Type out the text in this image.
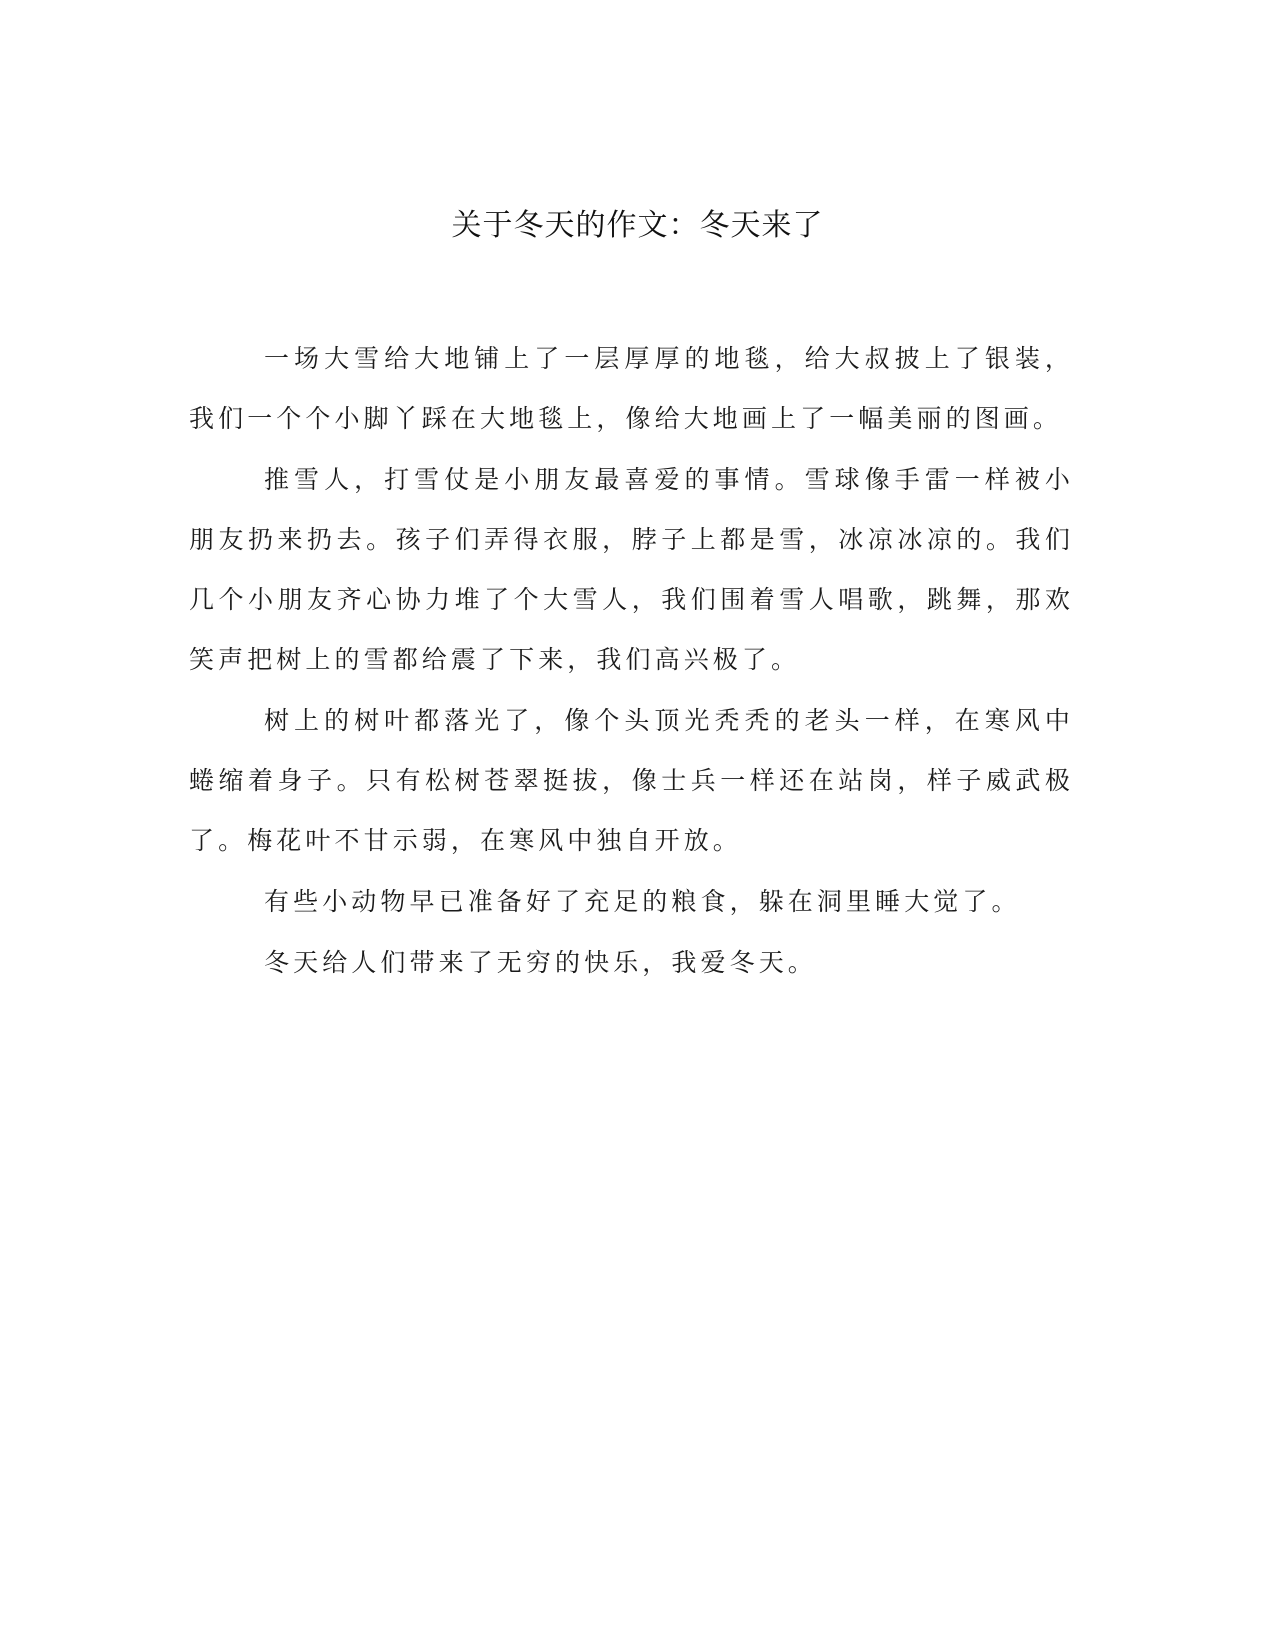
关于冬天的作文：冬天来了

一场大雪给大地铺上了一层厚厚的地毯，给大叔披上了银装，我们一个个小脚丫踩在大地毯上，像给大地画上了一幅美丽的图画。

推雪人，打雪仗是小朋友最喜爱的事情。雪球像手雷一样被小朋友扔来扔去。孩子们弄得衣服，脖子上都是雪，冰凉冰凉的。我们几个小朋友齐心协力堆了个大雪人，我们围着雪人唱歌，跳舞，那欢笑声把树上的雪都给震了下来，我们高兴极了。

树上的树叶都落光了，像个头顶光秃秃的老头一样，在寒风中蜷缩着身子。只有松树苍翠挺拔，像士兵一样还在站岗，样子威武极了。梅花叶不甘示弱，在寒风中独自开放。

有些小动物早已准备好了充足的粮食，躲在洞里睡大觉了。

冬天给人们带来了无穷的快乐，我爱冬天。
